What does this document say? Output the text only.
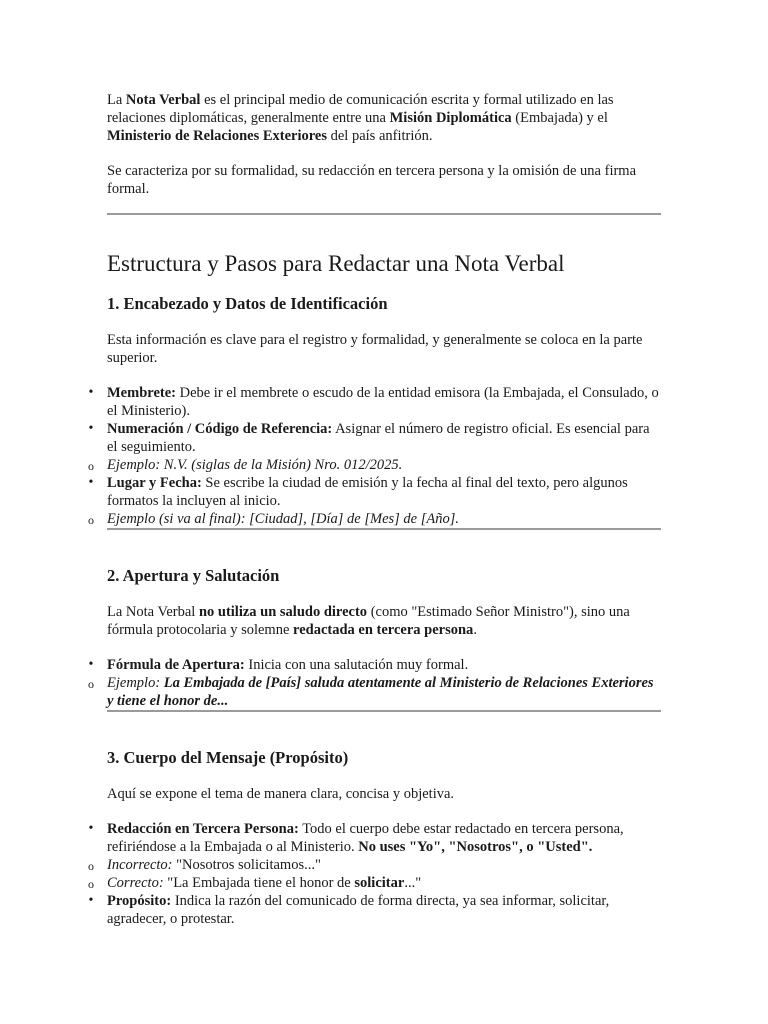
La Nota Verbal es el principal medio de comunicación escrita y formal utilizado en las relaciones diplomáticas, generalmente entre una Misión Diplomática (Embajada) y el Ministerio de Relaciones Exteriores del país anfitrión.

Se caracteriza por su formalidad, su redacción en tercera persona y la omisión de una firma formal.

Estructura y Pasos para Redactar una Nota Verbal
1. Encabezado y Datos de Identificación

Esta información es clave para el registro y formalidad, y generalmente se coloca en la parte superior.

• Membrete: Debe ir el membrete o escudo de la entidad emisora (la Embajada, el Consulado, o el Ministerio).
• Numeración / Código de Referencia: Asignar el número de registro oficial. Es esencial para el seguimiento.
o Ejemplo: N.V. (siglas de la Misión) Nro. 012/2025.
• Lugar y Fecha: Se escribe la ciudad de emisión y la fecha al final del texto, pero algunos formatos la incluyen al inicio.
o Ejemplo (si va al final): [Ciudad], [Día] de [Mes] de [Año].
2. Apertura y Salutación

La Nota Verbal no utiliza un saludo directo (como "Estimado Señor Ministro"), sino una fórmula protocolaria y solemne redactada en tercera persona.

• Fórmula de Apertura: Inicia con una salutación muy formal.
o Ejemplo: La Embajada de [País] saluda atentamente al Ministerio de Relaciones Exteriores y tiene el honor de...
3. Cuerpo del Mensaje (Propósito)

Aquí se expone el tema de manera clara, concisa y objetiva.

• Redacción en Tercera Persona: Todo el cuerpo debe estar redactado en tercera persona, refiriéndose a la Embajada o al Ministerio. No uses "Yo", "Nosotros", o "Usted".
o Incorrecto: "Nosotros solicitamos..."
o Correcto: "La Embajada tiene el honor de solicitar..."
• Propósito: Indica la razón del comunicado de forma directa, ya sea informar, solicitar, agradecer, o protestar.
